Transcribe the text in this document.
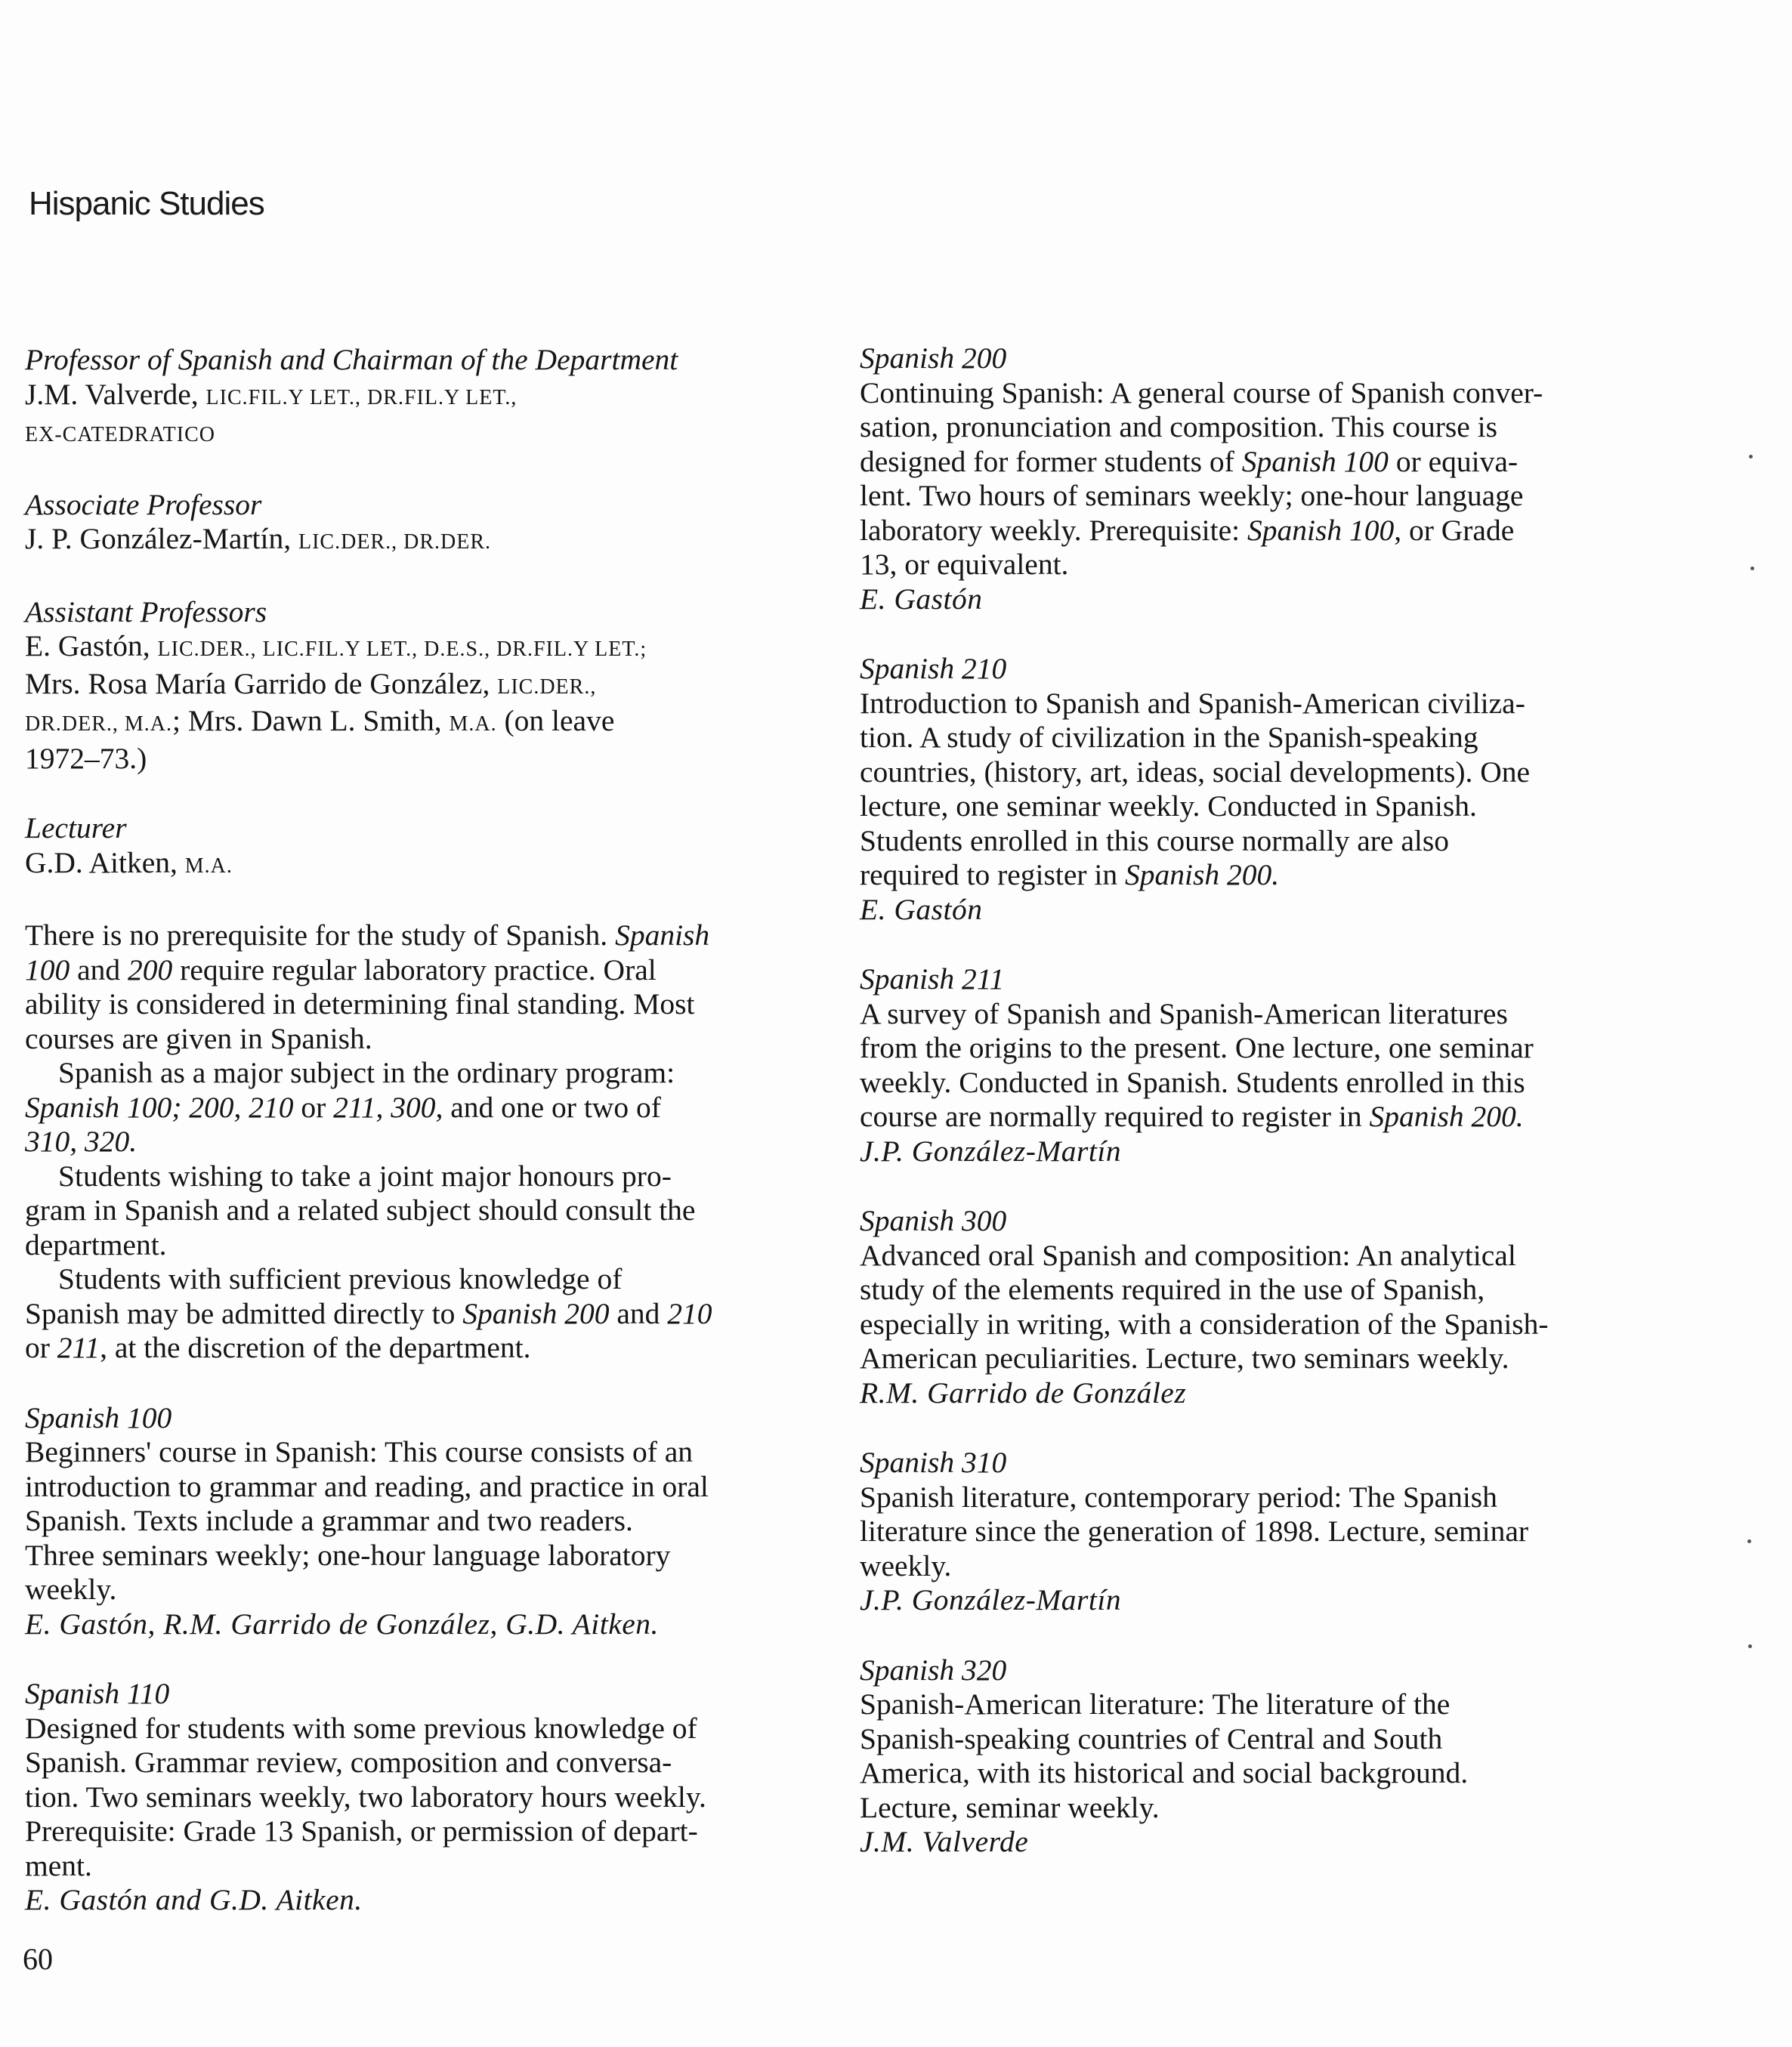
Hispanic Studies
Professor of Spanish and Chairman of the Department
J.M. Valverde, LIC.FIL.Y LET., DR.FIL.Y LET.,
EX-CATEDRATICO
Associate Professor
J. P. González-Martín, LIC.DER., DR.DER.
Assistant Professors
E. Gastón, LIC.DER., LIC.FIL.Y LET., D.E.S., DR.FIL.Y LET.;
Mrs. Rosa María Garrido de González, LIC.DER.,
DR.DER., M.A.; Mrs. Dawn L. Smith, M.A. (on leave
1972–73.)
Lecturer
G.D. Aitken, M.A.
There is no prerequisite for the study of Spanish. Spanish
100 and 200 require regular laboratory practice. Oral
ability is considered in determining final standing. Most
courses are given in Spanish.
Spanish as a major subject in the ordinary program:
Spanish 100; 200, 210 or 211, 300, and one or two of
310, 320.
Students wishing to take a joint major honours pro-
gram in Spanish and a related subject should consult the
department.
Students with sufficient previous knowledge of
Spanish may be admitted directly to Spanish 200 and 210
or 211, at the discretion of the department.
Spanish 100
Beginners' course in Spanish: This course consists of an
introduction to grammar and reading, and practice in oral
Spanish. Texts include a grammar and two readers.
Three seminars weekly; one-hour language laboratory
weekly.
E. Gastón, R.M. Garrido de González, G.D. Aitken.
Spanish 110
Designed for students with some previous knowledge of
Spanish. Grammar review, composition and conversa-
tion. Two seminars weekly, two laboratory hours weekly.
Prerequisite: Grade 13 Spanish, or permission of depart-
ment.
E. Gastón and G.D. Aitken.
Spanish 200
Continuing Spanish: A general course of Spanish conver-
sation, pronunciation and composition. This course is
designed for former students of Spanish 100 or equiva-
lent. Two hours of seminars weekly; one-hour language
laboratory weekly. Prerequisite: Spanish 100, or Grade
13, or equivalent.
E. Gastón
Spanish 210
Introduction to Spanish and Spanish-American civiliza-
tion. A study of civilization in the Spanish-speaking
countries, (history, art, ideas, social developments). One
lecture, one seminar weekly. Conducted in Spanish.
Students enrolled in this course normally are also
required to register in Spanish 200.
E. Gastón
Spanish 211
A survey of Spanish and Spanish-American literatures
from the origins to the present. One lecture, one seminar
weekly. Conducted in Spanish. Students enrolled in this
course are normally required to register in Spanish 200.
J.P. González-Martín
Spanish 300
Advanced oral Spanish and composition: An analytical
study of the elements required in the use of Spanish,
especially in writing, with a consideration of the Spanish-
American peculiarities. Lecture, two seminars weekly.
R.M. Garrido de González
Spanish 310
Spanish literature, contemporary period: The Spanish
literature since the generation of 1898. Lecture, seminar
weekly.
J.P. González-Martín
Spanish 320
Spanish-American literature: The literature of the
Spanish-speaking countries of Central and South
America, with its historical and social background.
Lecture, seminar weekly.
J.M. Valverde
60
